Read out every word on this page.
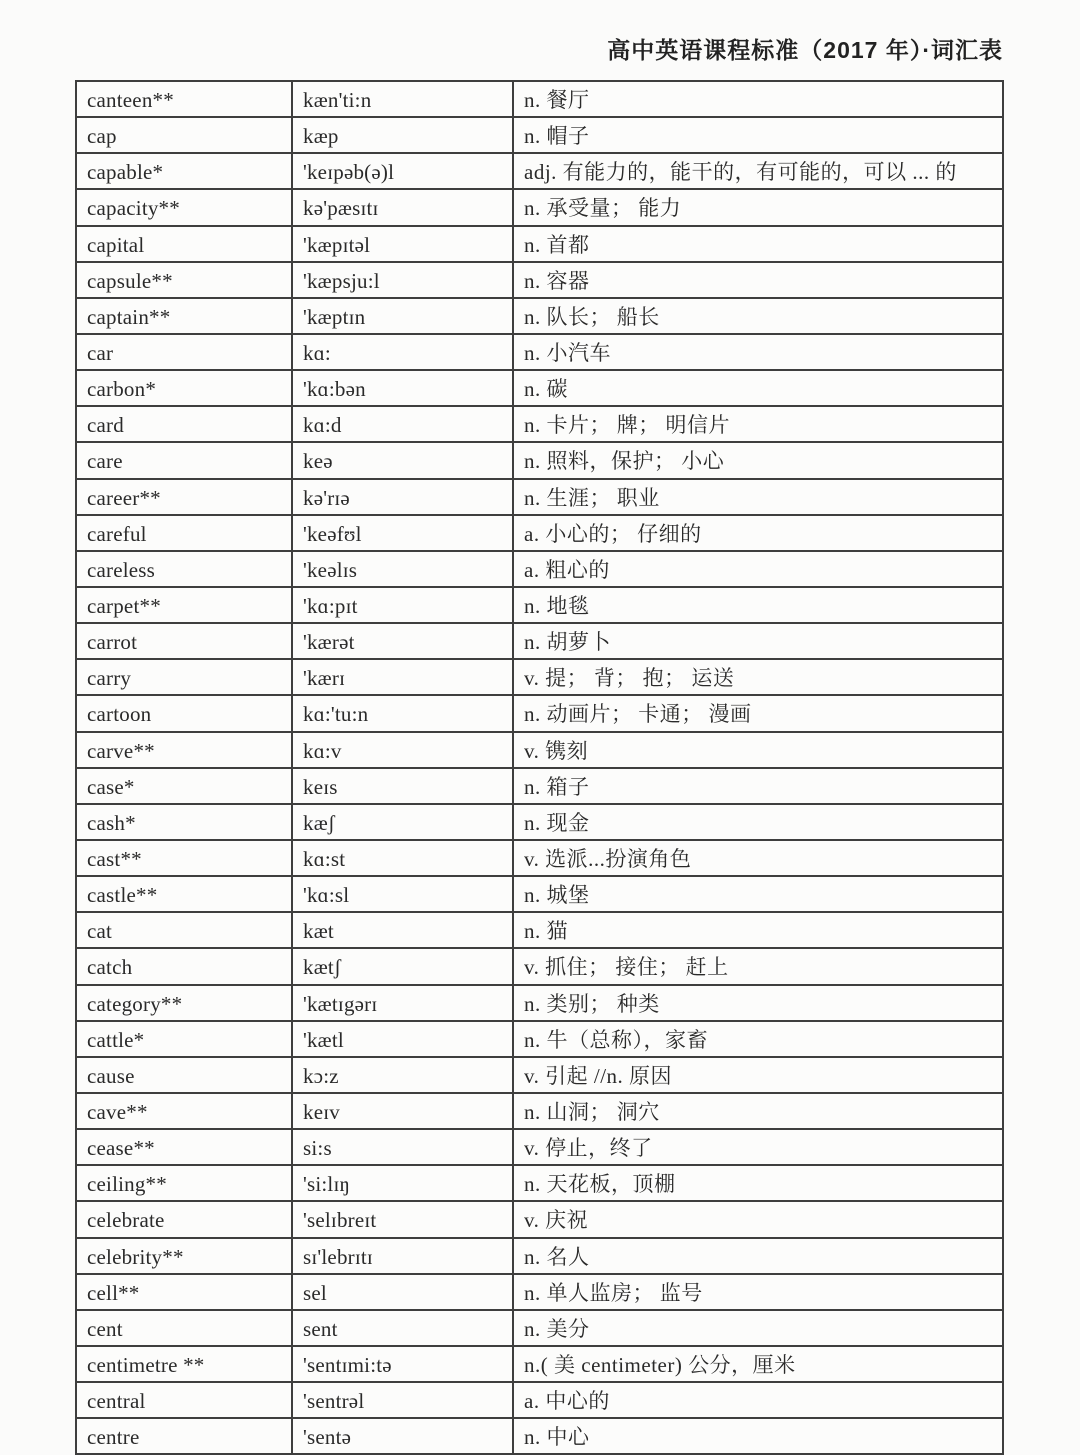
高中英语课程标准（2017 年）·词汇表
canteen**	kæn'ti:n	n. 餐厅
cap	kæp	n. 帽子
capable*	'keɪpəb(ə)l	adj. 有能力的，能干的，有可能的，可以 ... 的
capacity**	kə'pæsɪtɪ	n. 承受量； 能力
capital	'kæpɪtəl	n. 首都
capsule**	'kæpsju:l	n. 容器
captain**	'kæptɪn	n. 队长； 船长
car	kɑ:	n. 小汽车
carbon*	'kɑ:bən	n. 碳
card	kɑ:d	n. 卡片； 牌； 明信片
care	keə	n. 照料，保护； 小心
career**	kə'rɪə	n. 生涯； 职业
careful	'keəfʊl	a. 小心的； 仔细的
careless	'keəlɪs	a. 粗心的
carpet**	'kɑ:pɪt	n. 地毯
carrot	'kærət	n. 胡萝卜
carry	'kærɪ	v. 提； 背； 抱； 运送
cartoon	kɑ:'tu:n	n. 动画片； 卡通； 漫画
carve**	kɑ:v	v. 镌刻
case*	keɪs	n. 箱子
cash*	kæʃ	n. 现金
cast**	kɑ:st	v. 选派...扮演角色
castle**	'kɑ:sl	n. 城堡
cat	kæt	n. 猫
catch	kætʃ	v. 抓住； 接住； 赶上
category**	'kætɪgərɪ	n. 类别； 种类
cattle*	'kætl	n. 牛（总称），家畜
cause	kɔ:z	v. 引起 //n. 原因
cave**	keɪv	n. 山洞； 洞穴
cease**	si:s	v. 停止，终了
ceiling**	'si:lɪŋ	n. 天花板，顶棚
celebrate	'selɪbreɪt	v. 庆祝
celebrity**	sɪ'lebrɪtɪ	n. 名人
cell**	sel	n. 单人监房； 监号
cent	sent	n. 美分
centimetre **	'sentɪmi:tə	n.( 美 centimeter) 公分，厘米
central	'sentrəl	a. 中心的
centre	'sentə	n. 中心
